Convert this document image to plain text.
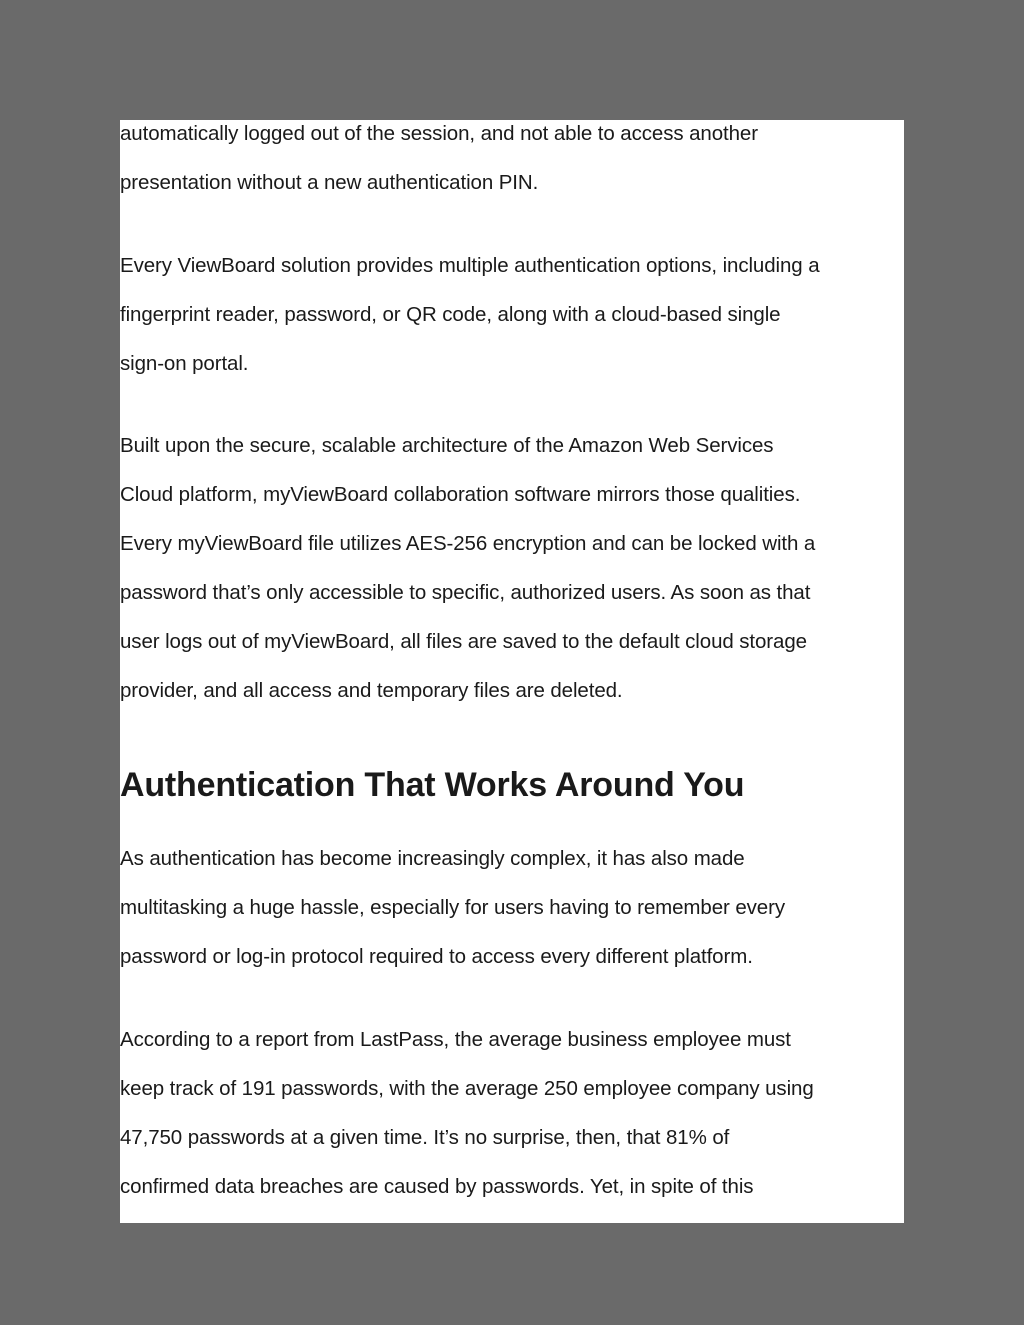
automatically logged out of the session, and not able to access another
presentation without a new authentication PIN.

Every ViewBoard solution provides multiple authentication options, including a
fingerprint reader, password, or QR code, along with a cloud-based single
sign-on portal.

Built upon the secure, scalable architecture of the Amazon Web Services
Cloud platform, myViewBoard collaboration software mirrors those qualities.
Every myViewBoard file utilizes AES-256 encryption and can be locked with a
password that’s only accessible to specific, authorized users. As soon as that
user logs out of myViewBoard, all files are saved to the default cloud storage
provider, and all access and temporary files are deleted.

Authentication That Works Around You

As authentication has become increasingly complex, it has also made
multitasking a huge hassle, especially for users having to remember every
password or log-in protocol required to access every different platform.

According to a report from LastPass, the average business employee must
keep track of 191 passwords, with the average 250 employee company using
47,750 passwords at a given time. It’s no surprise, then, that 81% of
confirmed data breaches are caused by passwords. Yet, in spite of this
